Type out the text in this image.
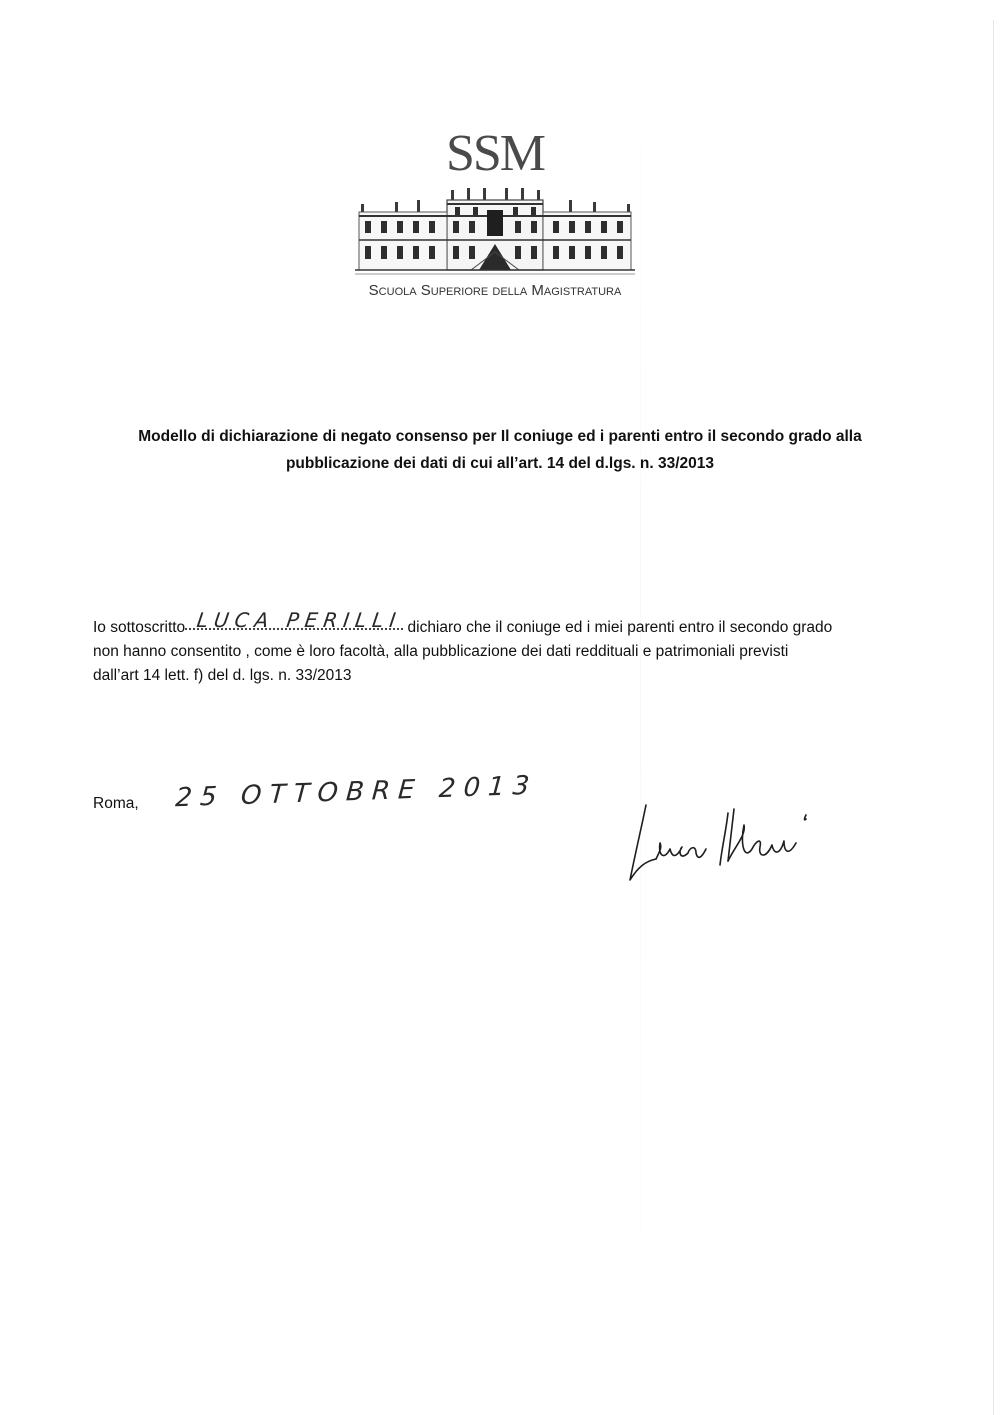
SSM
Scuola Superiore della Magistratura
Modello di dichiarazione di negato consenso per Il coniuge ed i parenti entro il secondo grado alla
pubblicazione dei dati di cui all’art. 14 del d.lgs. n. 33/2013
Io sottoscritto LUCA PERILLI dichiaro che il coniuge ed i miei parenti entro il secondo grado
non hanno consentito , come è loro facoltà, alla pubblicazione dei dati reddituali e patrimoniali previsti
dall’art 14 lett. f) del d. lgs. n. 33/2013
Roma, 25 OTTOBRE 2013
